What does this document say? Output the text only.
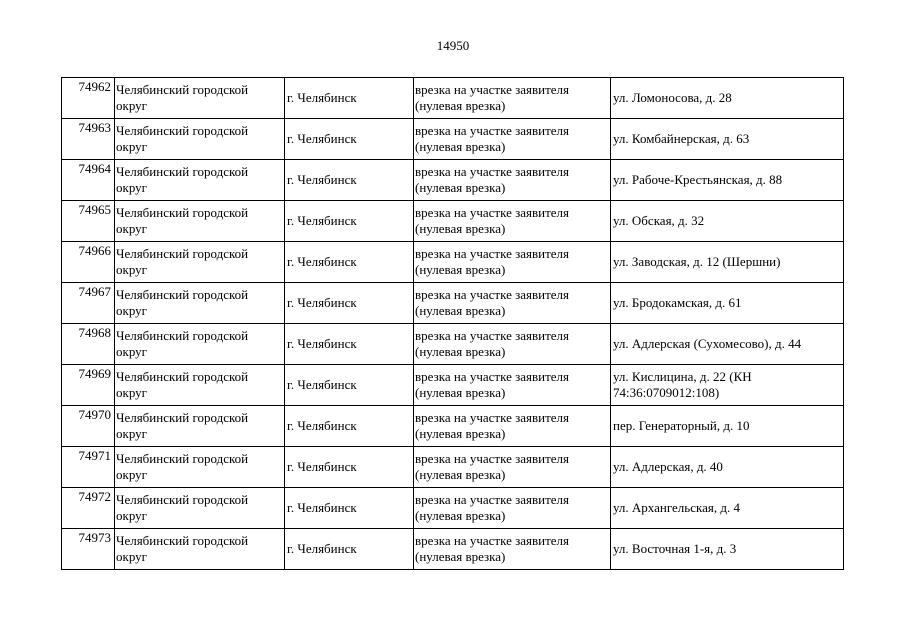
14950
74962	Челябинский городской округ	г. Челябинск	врезка на участке заявителя (нулевая врезка)	ул. Ломоносова, д. 28
74963	Челябинский городской округ	г. Челябинск	врезка на участке заявителя (нулевая врезка)	ул. Комбайнерская, д. 63
74964	Челябинский городской округ	г. Челябинск	врезка на участке заявителя (нулевая врезка)	ул. Рабоче-Крестьянская, д. 88
74965	Челябинский городской округ	г. Челябинск	врезка на участке заявителя (нулевая врезка)	ул. Обская, д. 32
74966	Челябинский городской округ	г. Челябинск	врезка на участке заявителя (нулевая врезка)	ул. Заводская, д. 12 (Шершни)
74967	Челябинский городской округ	г. Челябинск	врезка на участке заявителя (нулевая врезка)	ул. Бродокамская, д. 61
74968	Челябинский городской округ	г. Челябинск	врезка на участке заявителя (нулевая врезка)	ул. Адлерская (Сухомесово), д. 44
74969	Челябинский городской округ	г. Челябинск	врезка на участке заявителя (нулевая врезка)	ул. Кислицина, д. 22 (КН 74:36:0709012:108)
74970	Челябинский городской округ	г. Челябинск	врезка на участке заявителя (нулевая врезка)	пер. Генераторный, д. 10
74971	Челябинский городской округ	г. Челябинск	врезка на участке заявителя (нулевая врезка)	ул. Адлерская, д. 40
74972	Челябинский городской округ	г. Челябинск	врезка на участке заявителя (нулевая врезка)	ул. Архангельская, д. 4
74973	Челябинский городской округ	г. Челябинск	врезка на участке заявителя (нулевая врезка)	ул. Восточная 1-я, д. 3
